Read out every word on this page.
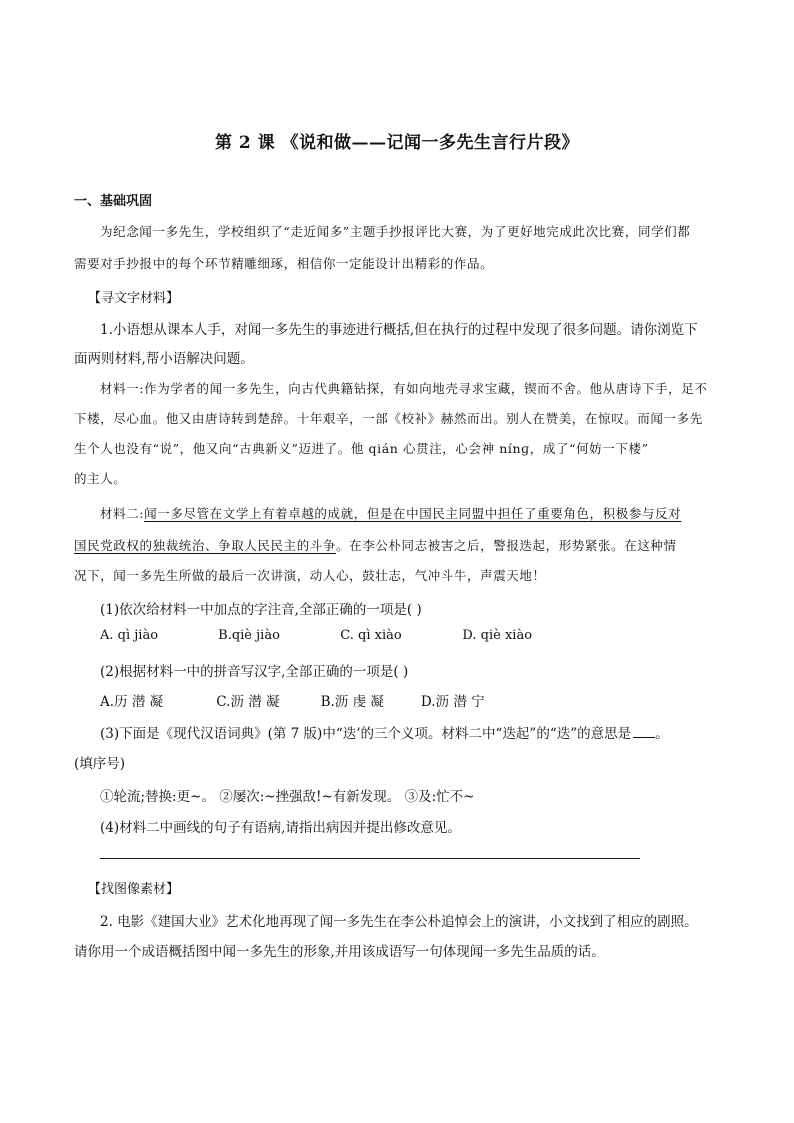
第 2 课 《说和做——记闻一多先生言行片段》
一、基础巩固
为纪念闻一多先生，学校组织了“走近闻多”主题手抄报评比大赛，为了更好地完成此次比赛，同学们都
需要对手抄报中的每个环节精雕细琢，相信你一定能设计出精彩的作品。
【寻文字材料】
1.小语想从课本人手，对闻一多先生的事迹进行概括,但在执行的过程中发现了很多问题。请你浏览下
面两则材料,帮小语解决问题。
材料一:作为学者的闻一多先生，向古代典籍钻探，有如向地壳寻求宝藏，锲而不舍。他从唐诗下手，足不
下楼，尽心血。他又由唐诗转到楚辞。十年艰辛，一部《校补》赫然而出。别人在赞美，在惊叹。而闻一多先
生个人也没有“说”，他又向“古典新义”迈进了。他 qián 心贯注，心会神 nínɡ，成了“何妨一下楼”
的主人。
材料二:闻一多尽管在文学上有着卓越的成就，但是在中国民主同盟中担任了重要角色，积极参与反对
国民党政权的独裁统治、争取人民民主的斗争。在李公朴同志被害之后，警报迭起，形势紧张。在这种情
况下，闻一多先生所做的最后一次讲演，动人心，鼓壮志，气冲斗牛，声震天地！
(1)依次给材料一中加点的字注音,全部正确的一项是( )
A. qì jiào	B.qiè jiào	C. qì xiào	D. qiè xiào
(2)根据材料一中的拼音写汉字,全部正确的一项是( )
A.历 潜 凝	C.沥 潜 凝	B.沥 虔 凝	D.沥 潜 宁
(3)下面是《现代汉语词典》(第 7 版)中“迭’的三个义项。材料二中“迭起”的“迭”的意思是 。
(填序号)
①轮流;替换:更~。 ②屡次:~挫强敌!~有新发现。 ③及:忙不~
(4)材料二中画线的句子有语病,请指出病因并提出修改意见。
【找图像素材】
2. 电影《建国大业》艺术化地再现了闻一多先生在李公朴追悼会上的演讲，小文找到了相应的剧照。
请你用一个成语概括图中闻一多先生的形象,并用该成语写一句体现闻一多先生品质的话。
